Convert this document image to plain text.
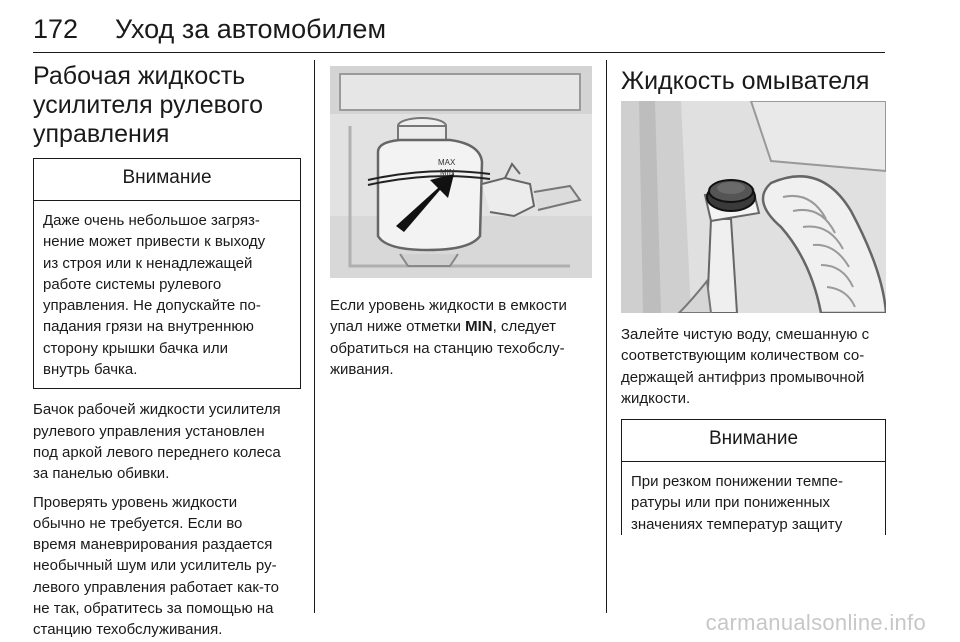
172 Уход за автомобилем
Рабочая жидкость
усилителя рулевого
управления
Внимание
Даже очень небольшое загряз-
нение может привести к выходу
из строя или к ненадлежащей
работе системы рулевого
управления. Не допускайте по-
падания грязи на внутреннюю
сторону крышки бачка или
внутрь бачка.

Бачок рабочей жидкости усилителя
рулевого управления установлен
под аркой левого переднего колеса
за панелью обивки.

Проверять уровень жидкости
обычно не требуется. Если во
время маневрирования раздается
необычный шум или усилитель ру-
левого управления работает как-то
не так, обратитесь за помощью на
станцию техобслуживания.

MAX
MIN

Если уровень жидкости в емкости
упал ниже отметки MIN, следует
обратиться на станцию техобслу-
живания.

Жидкость омывателя

Залейте чистую воду, смешанную с
соответствующим количеством со-
держащей антифриз промывочной
жидкости.

Внимание
При резком понижении темпе-
ратуры или при пониженных
значениях температур защиту
carmanualsonline.info
